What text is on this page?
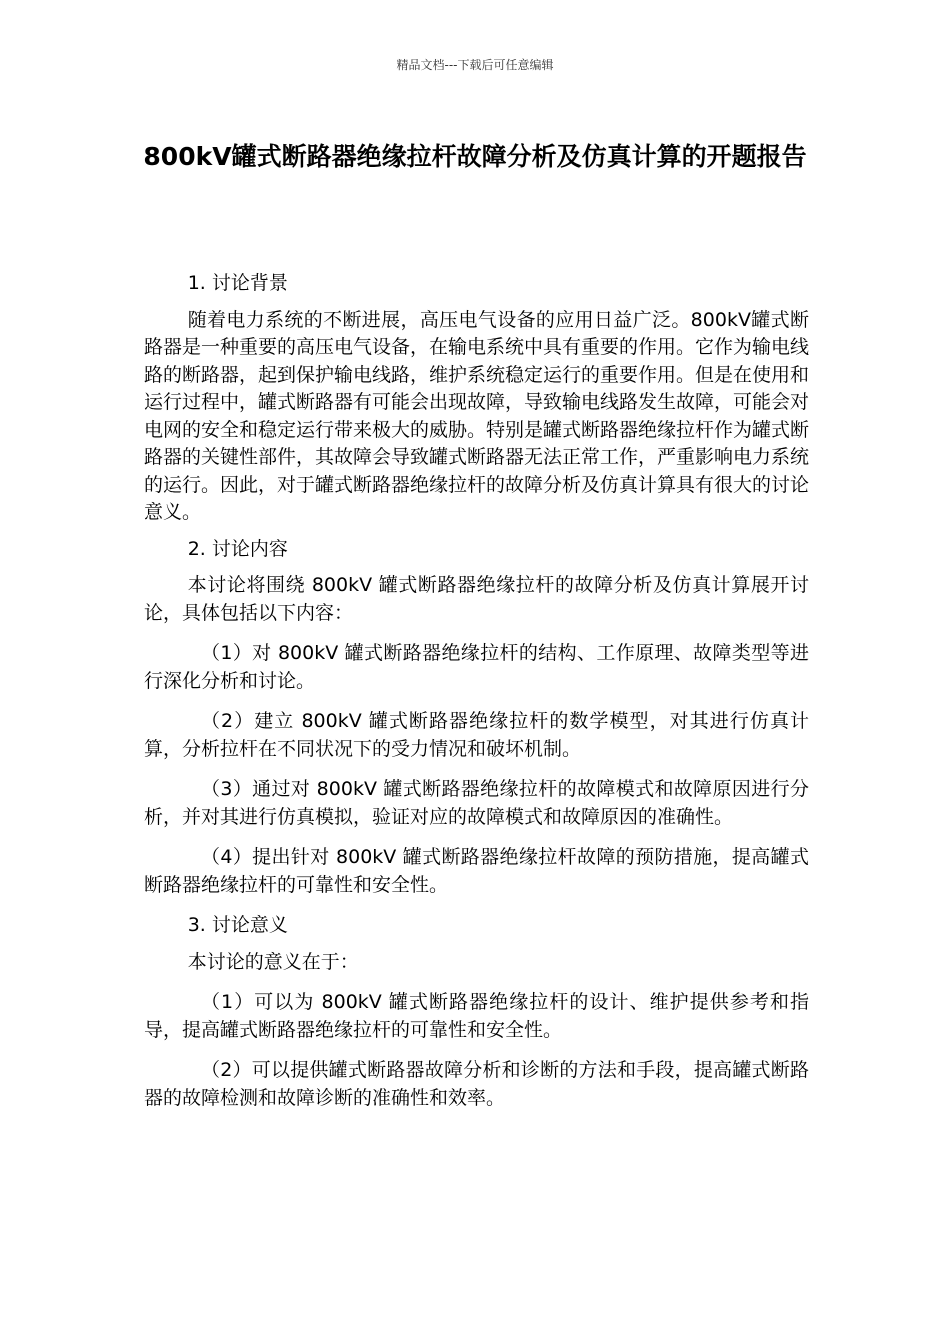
精品文档---下载后可任意编辑
800kV罐式断路器绝缘拉杆故障分析及仿真计算的开题报告

1. 讨论背景

随着电力系统的不断进展，高压电气设备的应用日益广泛。800kV罐式断路器是一种重要的高压电气设备，在输电系统中具有重要的作用。它作为输电线路的断路器，起到保护输电线路，维护系统稳定运行的重要作用。但是在使用和运行过程中，罐式断路器有可能会出现故障，导致输电线路发生故障，可能会对电网的安全和稳定运行带来极大的威胁。特别是罐式断路器绝缘拉杆作为罐式断路器的关键性部件，其故障会导致罐式断路器无法正常工作，严重影响电力系统的运行。因此，对于罐式断路器绝缘拉杆的故障分析及仿真计算具有很大的讨论意义。

2. 讨论内容

本讨论将围绕 800kV 罐式断路器绝缘拉杆的故障分析及仿真计算展开讨论，具体包括以下内容：

（1）对 800kV 罐式断路器绝缘拉杆的结构、工作原理、故障类型等进行深化分析和讨论。

（2）建立 800kV 罐式断路器绝缘拉杆的数学模型，对其进行仿真计算，分析拉杆在不同状况下的受力情况和破坏机制。

（3）通过对 800kV 罐式断路器绝缘拉杆的故障模式和故障原因进行分析，并对其进行仿真模拟，验证对应的故障模式和故障原因的准确性。

（4）提出针对 800kV 罐式断路器绝缘拉杆故障的预防措施，提高罐式断路器绝缘拉杆的可靠性和安全性。

3. 讨论意义

本讨论的意义在于：

（1）可以为 800kV 罐式断路器绝缘拉杆的设计、维护提供参考和指导，提高罐式断路器绝缘拉杆的可靠性和安全性。

（2）可以提供罐式断路器故障分析和诊断的方法和手段，提高罐式断路器的故障检测和故障诊断的准确性和效率。
